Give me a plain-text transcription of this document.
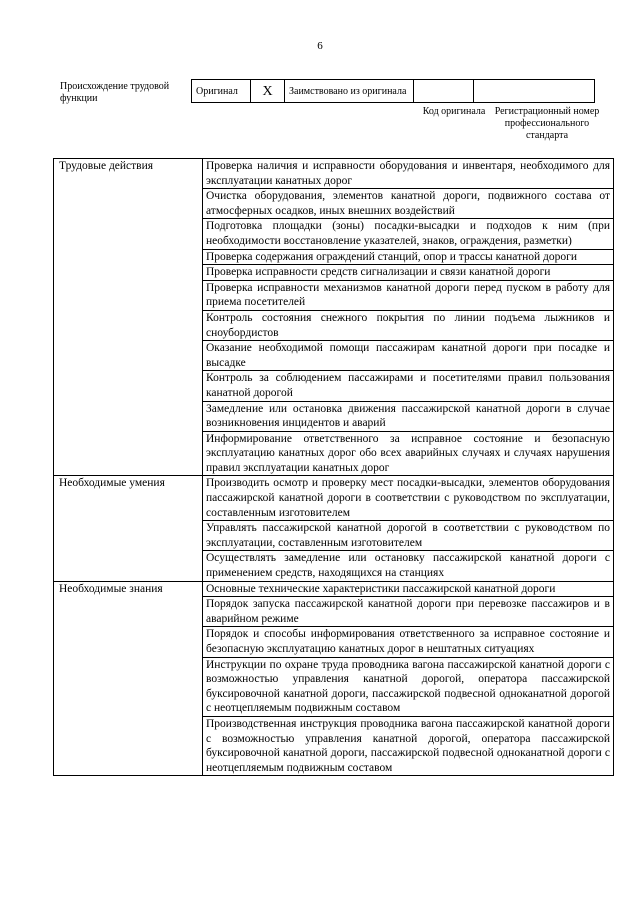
6
Происхождение трудовой функции
Оригинал	X	Заимствовано из оригинала		
Код оригинала Регистрационный номер профессионального стандарта
Трудовые действия	Проверка наличия и исправности оборудования и инвентаря, необходимого для эксплуатации канатных дорог
	Очистка оборудования, элементов канатной дороги, подвижного состава от атмосферных осадков, иных внешних воздействий
	Подготовка площадки (зоны) посадки-высадки и подходов к ним (при необходимости восстановление указателей, знаков, ограждения, разметки)
	Проверка содержания ограждений станций, опор и трассы канатной дороги
	Проверка исправности средств сигнализации и связи канатной дороги
	Проверка исправности механизмов канатной дороги перед пуском в работу для приема посетителей
	Контроль состояния снежного покрытия по линии подъема лыжников и сноубордистов
	Оказание необходимой помощи пассажирам канатной дороги при посадке и высадке
	Контроль за соблюдением пассажирами и посетителями правил пользования канатной дорогой
	Замедление или остановка движения пассажирской канатной дороги в случае возникновения инцидентов и аварий
	Информирование ответственного за исправное состояние и безопасную эксплуатацию канатных дорог обо всех аварийных случаях и случаях нарушения правил эксплуатации канатных дорог
Необходимые умения	Производить осмотр и проверку мест посадки-высадки, элементов оборудования пассажирской канатной дороги в соответствии с руководством по эксплуатации, составленным изготовителем
	Управлять пассажирской канатной дорогой в соответствии с руководством по эксплуатации, составленным изготовителем
	Осуществлять замедление или остановку пассажирской канатной дороги с применением средств, находящихся на станциях
Необходимые знания	Основные технические характеристики пассажирской канатной дороги
	Порядок запуска пассажирской канатной дороги при перевозке пассажиров и в аварийном режиме
	Порядок и способы информирования ответственного за исправное состояние и безопасную эксплуатацию канатных дорог в нештатных ситуациях
	Инструкции по охране труда проводника вагона пассажирской канатной дороги с возможностью управления канатной дорогой, оператора пассажирской буксировочной канатной дороги, пассажирской подвесной одноканатной дорогой с неотцепляемым подвижным составом
	Производственная инструкция проводника вагона пассажирской канатной дороги с возможностью управления канатной дорогой, оператора пассажирской буксировочной канатной дороги, пассажирской подвесной одноканатной дороги с неотцепляемым подвижным составом
